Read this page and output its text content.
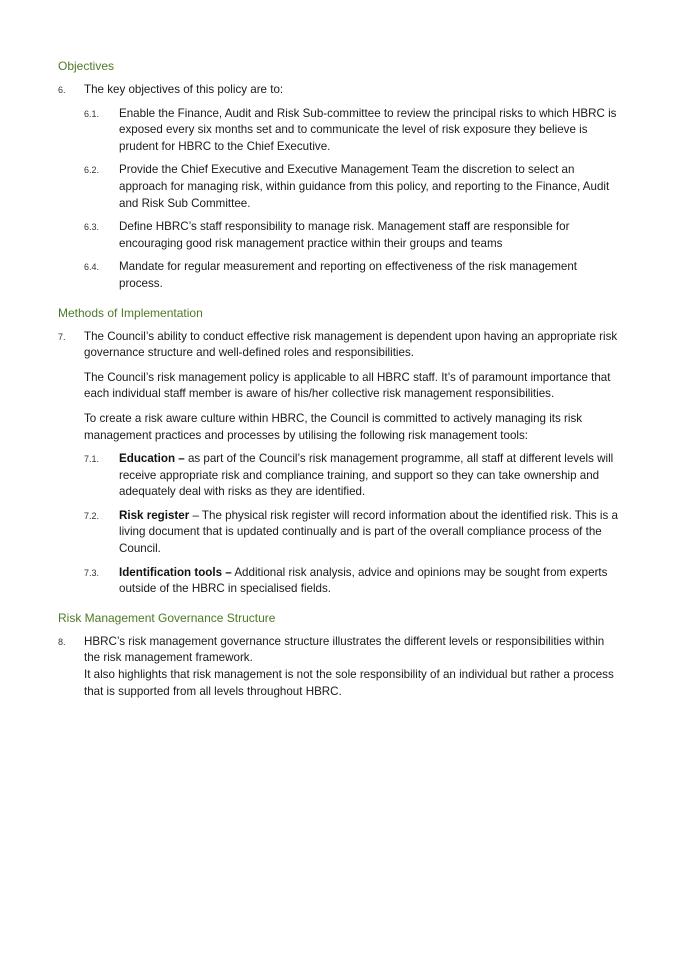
Objectives
6. The key objectives of this policy are to:

6.1. Enable the Finance, Audit and Risk Sub-committee to review the principal risks to which HBRC is exposed every six months set and to communicate the level of risk exposure they believe is prudent for HBRC to the Chief Executive.

6.2. Provide the Chief Executive and Executive Management Team the discretion to select an approach for managing risk, within guidance from this policy, and reporting to the Finance, Audit and Risk Sub Committee.

6.3. Define HBRC’s staff responsibility to manage risk. Management staff are responsible for encouraging good risk management practice within their groups and teams

6.4. Mandate for regular measurement and reporting on effectiveness of the risk management process.

Methods of Implementation
7. The Council’s ability to conduct effective risk management is dependent upon having an appropriate risk governance structure and well-defined roles and responsibilities.

The Council’s risk management policy is applicable to all HBRC staff. It’s of paramount importance that each individual staff member is aware of his/her collective risk management responsibilities.

To create a risk aware culture within HBRC, the Council is committed to actively managing its risk management practices and processes by utilising the following risk management tools:

7.1. Education – as part of the Council’s risk management programme, all staff at different levels will receive appropriate risk and compliance training, and support so they can take ownership and adequately deal with risks as they are identified.

7.2. Risk register – The physical risk register will record information about the identified risk. This is a living document that is updated continually and is part of the overall compliance process of the Council.

7.3. Identification tools – Additional risk analysis, advice and opinions may be sought from experts outside of the HBRC in specialised fields.

Risk Management Governance Structure
8. HBRC’s risk management governance structure illustrates the different levels or responsibilities within the risk management framework.

It also highlights that risk management is not the sole responsibility of an individual but rather a process that is supported from all levels throughout HBRC.
